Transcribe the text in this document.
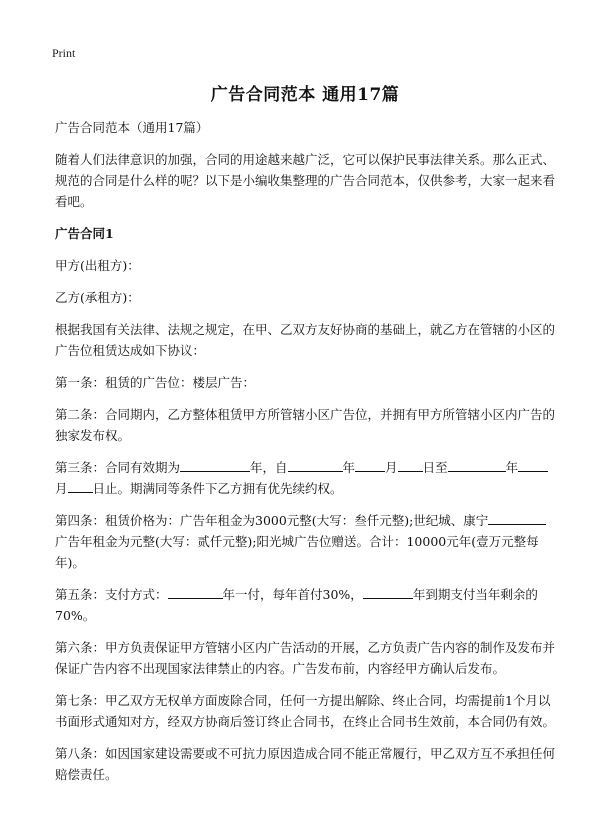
Print
广告合同范本 通用17篇

广告合同范本（通用17篇）

随着人们法律意识的加强，合同的用途越来越广泛，它可以保护民事法律关系。那么正式、规范的合同是什么样的呢？以下是小编收集整理的广告合同范本，仅供参考，大家一起来看看吧。

广告合同1

甲方(出租方)：

乙方(承租方)：

根据我国有关法律、法规之规定，在甲、乙双方友好协商的基础上，就乙方在管辖的小区的广告位租赁达成如下协议：

第一条：租赁的广告位：楼层广告：

第二条：合同期内，乙方整体租赁甲方所管辖小区广告位，并拥有甲方所管辖小区内广告的独家发布权。

第三条：合同有效期为	年，自	年 月 日至	年月 日止。期满同等条件下乙方拥有优先续约权。

第四条：租赁价格为：广告年租金为3000元整(大写：叁仟元整);世纪城、康宁广告年租金为元整(大写：贰仟元整);阳光城广告位赠送。合计：10000元年(壹万元整每年)。

第五条：支付方式：	年一付，每年首付30%，	年到期支付当年剩余的70%。

第六条：甲方负责保证甲方管辖小区内广告活动的开展，乙方负责广告内容的制作及发布并保证广告内容不出现国家法律禁止的内容。广告发布前，内容经甲方确认后发布。

第七条：甲乙双方无权单方面废除合同，任何一方提出解除、终止合同，均需提前1个月以书面形式通知对方，经双方协商后签订终止合同书，在终止合同书生效前，本合同仍有效。

第八条：如因国家建设需要或不可抗力原因造成合同不能正常履行，甲乙双方互不承担任何赔偿责任。
